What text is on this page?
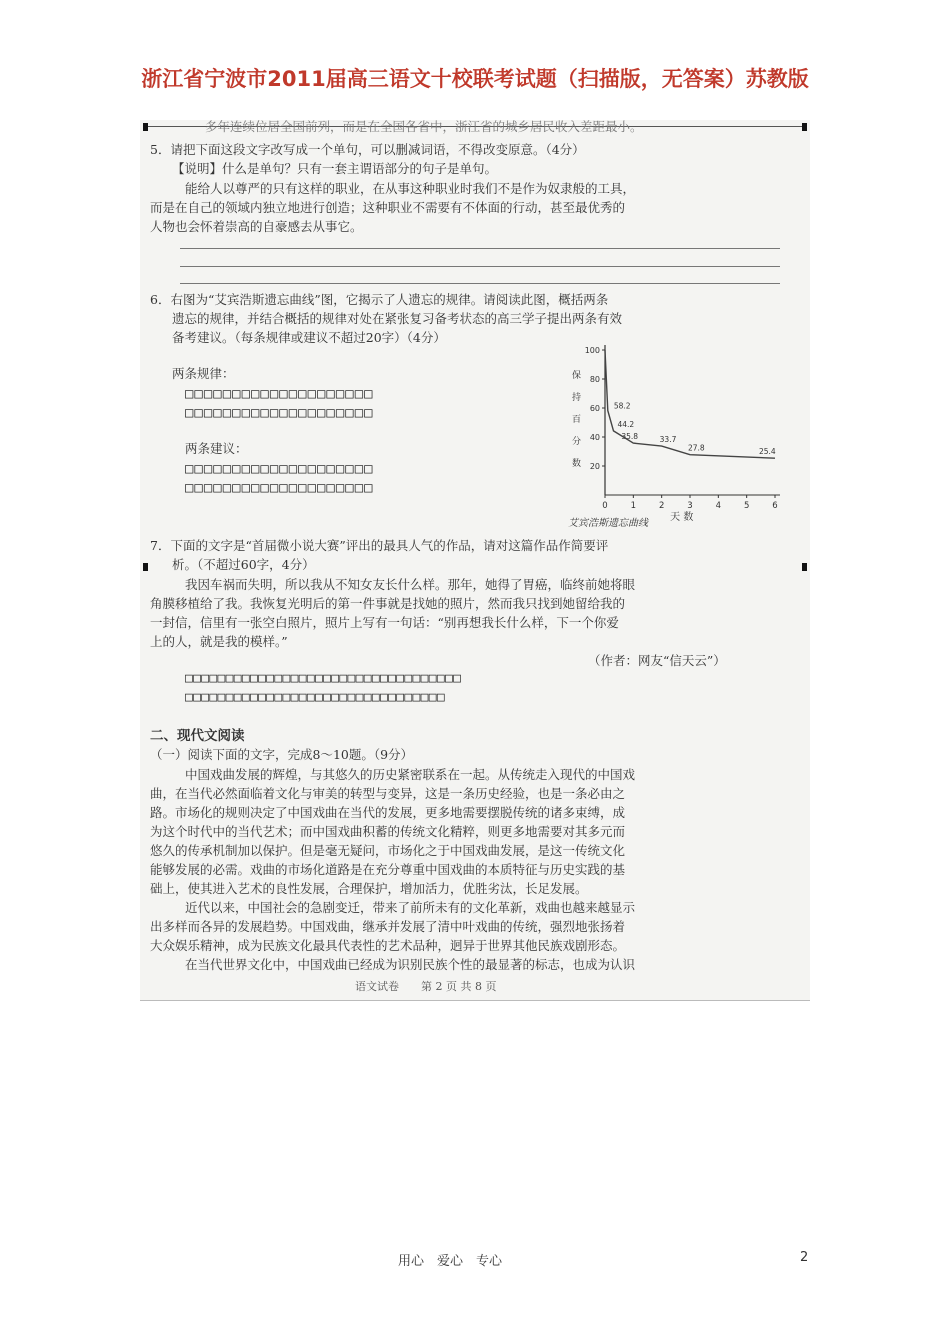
浙江省宁波市2011届高三语文十校联考试题（扫描版，无答案）苏教版
多年连续位居全国前列，而是在全国各省中，浙江省的城乡居民收入差距最小。
5．请把下面这段文字改写成一个单句，可以删减词语，不得改变原意。（4分）
【说明】什么是单句？只有一套主谓语部分的句子是单句。
能给人以尊严的只有这样的职业，在从事这种职业时我们不是作为奴隶般的工具，
而是在自己的领域内独立地进行创造；这种职业不需要有不体面的行动，甚至最优秀的
人物也会怀着崇高的自豪感去从事它。
6．右图为“艾宾浩斯遗忘曲线”图，它揭示了人遗忘的规律。请阅读此图，概括两条
遗忘的规律，并结合概括的规律对处在紧张复习备考状态的高三学子提出两条有效
备考建议。（每条规律或建议不超过20字）（4分）
两条规律：
□□□□□□□□□□□□□□□□□□□□
□□□□□□□□□□□□□□□□□□□□
两条建议：
□□□□□□□□□□□□□□□□□□□□
□□□□□□□□□□□□□□□□□□□□
20
40
60
80
100
0	1	2	3	4	5	6
58.2
44.2
35.8	33.7
27.8	25.4
保持百分数
天 数
艾宾浩斯遗忘曲线
7．下面的文字是“首届微小说大赛”评出的最具人气的作品，请对这篇作品作简要评
析。（不超过60字，4分）
我因车祸而失明，所以我从不知女友长什么样。那年，她得了胃癌，临终前她将眼
角膜移植给了我。我恢复光明后的第一件事就是找她的照片，然而我只找到她留给我的
一封信，信里有一张空白照片，照片上写有一句话：“别再想我长什么样，下一个你爱
上的人，就是我的模样。”
（作者：网友“信天云”）
□□□□□□□□□□□□□□□□□□□□□□□□□□□□□□□□□□
□□□□□□□□□□□□□□□□□□□□□□□□□□□□□□□□
二、现代文阅读
（一）阅读下面的文字，完成8～10题。（9分）
中国戏曲发展的辉煌，与其悠久的历史紧密联系在一起。从传统走入现代的中国戏
曲，在当代必然面临着文化与审美的转型与变异，这是一条历史经验，也是一条必由之
路。市场化的规则决定了中国戏曲在当代的发展，更多地需要摆脱传统的诸多束缚，成
为这个时代中的当代艺术；而中国戏曲积蓄的传统文化精粹，则更多地需要对其多元而
悠久的传承机制加以保护。但是毫无疑问，市场化之于中国戏曲发展，是这一传统文化
能够发展的必需。戏曲的市场化道路是在充分尊重中国戏曲的本质特征与历史实践的基
础上，使其进入艺术的良性发展，合理保护，增加活力，优胜劣汰，长足发展。
近代以来，中国社会的急剧变迁，带来了前所未有的文化革新，戏曲也越来越显示
出多样而各异的发展趋势。中国戏曲，继承并发展了清中叶戏曲的传统，强烈地张扬着
大众娱乐精神，成为民族文化最具代表性的艺术品种，迥异于世界其他民族戏剧形态。
在当代世界文化中，中国戏曲已经成为识别民族个性的最显著的标志，也成为认识
语文试卷　　第 2 页 共 8 页
用心　爱心　专心	2
